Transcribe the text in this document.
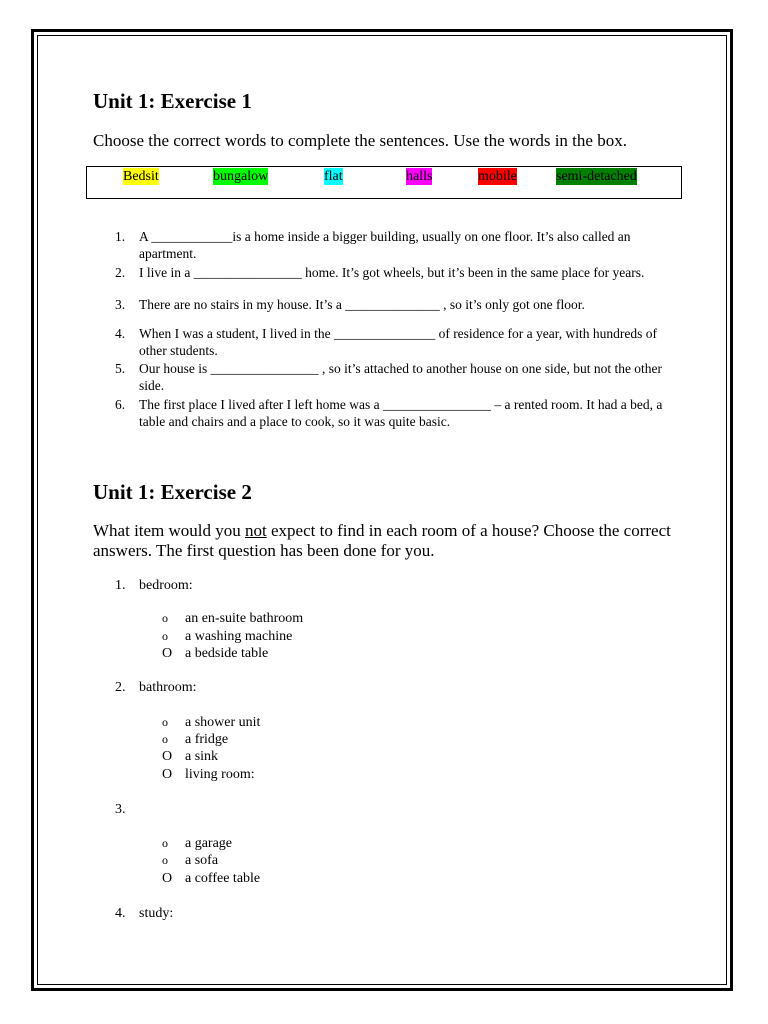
Unit 1: Exercise 1

Choose the correct words to complete the sentences. Use the words in the box.

Bedsit	bungalow	flat	halls	mobile	semi-detached
1.	A ____________is a home inside a bigger building, usually on one floor. It’s also called an apartment.
2.	I live in a ________________ home. It’s got wheels, but it’s been in the same place for years.
3.	There are no stairs in my house. It’s a ______________ , so it’s only got one floor.
4.	When I was a student, I lived in the _______________ of residence for a year, with hundreds of other students.
5.	Our house is ________________ , so it’s attached to another house on one side, but not the other side.
6.	The first place I lived after I left home was a ________________ – a rented room. It had a bed, a table and chairs and a place to cook, so it was quite basic.
Unit 1: Exercise 2

What item would you not expect to find in each room of a house? Choose the correct answers. The first question has been done for you.

1. bedroom:
o an en-suite bathroom
o a washing machine
O a bedside table
2. bathroom:
o a shower unit
o a fridge
O a sink
O living room:
3.
o a garage
o a sofa
O a coffee table
4. study:
